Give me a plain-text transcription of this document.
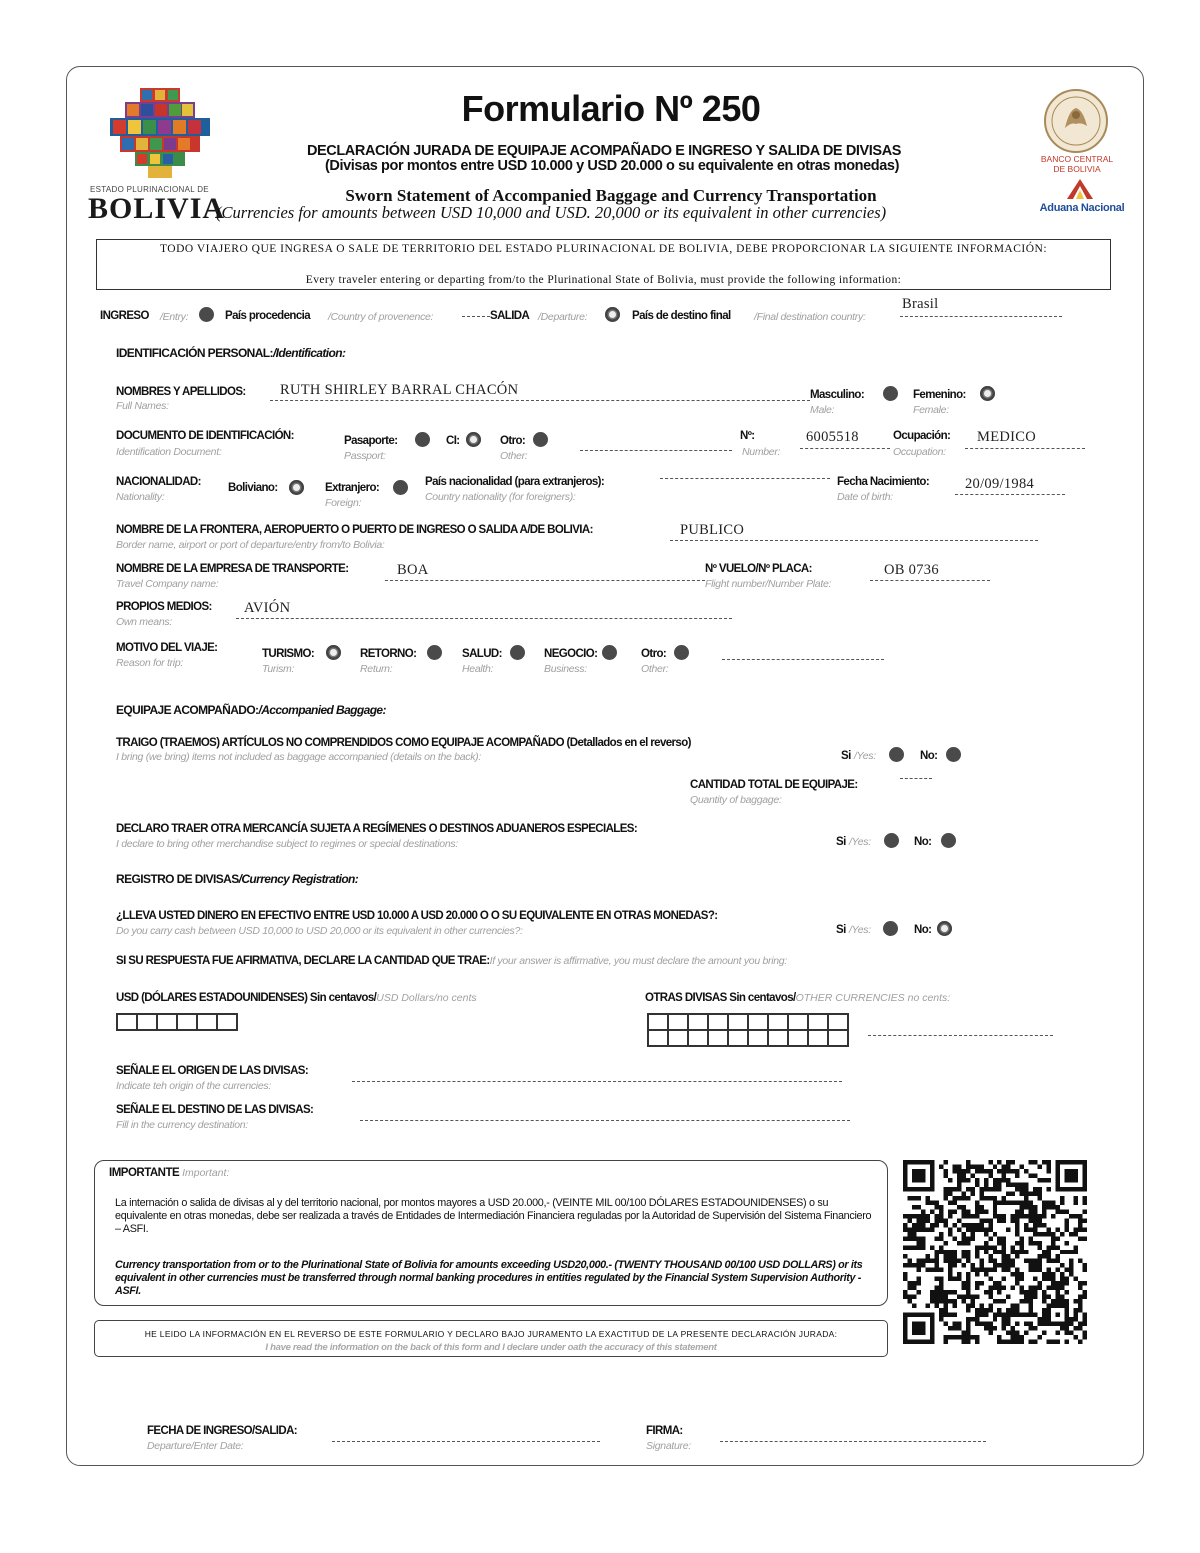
ESTADO PLURINACIONAL DE
BOLIVIA
Formulario Nº 250
DECLARACIÓN JURADA DE EQUIPAJE ACOMPAÑADO E INGRESO Y SALIDA DE DIVISAS
(Divisas por montos entre USD 10.000 y USD 20.000 o su equivalente en otras monedas)
Sworn Statement of Accompanied Baggage and Currency Transportation
(Currencies for amounts between USD 10,000 and USD. 20,000 or its equivalent in other currencies)
BANCO CENTRAL DE BOLIVIA
Aduana Nacional
TODO VIAJERO QUE INGRESA O SALE DE TERRITORIO DEL ESTADO PLURINACIONAL DE BOLIVIA, DEBE PROPORCIONAR LA SIGUIENTE INFORMACIÓN:
Every traveler entering or departing from/to the Plurinational State of Bolivia, must provide the following information:
INGRESO /Entry:	País procedencia /Country of provenence:	SALIDA /Departure:	País de destino final /Final destination country:
Brasil
IDENTIFICACIÓN PERSONAL:/Identification:
NOMBRES Y APELLIDOS:
Full Names:
RUTH SHIRLEY BARRAL CHACÓN	Masculino:
Male:
Femenino:
Female:
DOCUMENTO DE IDENTIFICACIÓN:
Identification Document:
Pasaporte:
Passport:
CI:	Otro:
Other:
Nº:
Number:
6005518	Ocupación:
Occupation:
MEDICO
NACIONALIDAD:
Nationality:
Boliviano:	Extranjero:
Foreign:
País nacionalidad (para extranjeros):
Country nationality (for foreigners):
Fecha Nacimiento:
Date of birth:
20/09/1984
NOMBRE DE LA FRONTERA, AEROPUERTO O PUERTO DE INGRESO O SALIDA A/DE BOLIVIA:
Border name, airport or port of departure/entry from/to Bolivia:
PUBLICO
NOMBRE DE LA EMPRESA DE TRANSPORTE:
Travel Company name:
BOA	Nº VUELO/Nº PLACA:
Flight number/Number Plate:
OB 0736
PROPIOS MEDIOS:
Own means:
AVIÓN
MOTIVO DEL VIAJE:
Reason for trip:
TURISMO:
Turism:
RETORNO:
Return:
SALUD:
Health:
NEGOCIO:
Business:
Otro:
Other:
EQUIPAJE ACOMPAÑADO:/Accompanied Baggage:
TRAIGO (TRAEMOS) ARTÍCULOS NO COMPRENDIDOS COMO EQUIPAJE ACOMPAÑADO (Detallados en el reverso)
I bring (we bring) items not included as baggage accompanied (details on the back):	Si /Yes:	No:
CANTIDAD TOTAL DE EQUIPAJE:
Quantity of baggage:
DECLARO TRAER OTRA MERCANCÍA SUJETA A REGÍMENES O DESTINOS ADUANEROS ESPECIALES:
I declare to bring other merchandise subject to regimes or special destinations:	Si /Yes:	No:
REGISTRO DE DIVISAS/Currency Registration:
¿LLEVA USTED DINERO EN EFECTIVO ENTRE USD 10.000 A USD 20.000 O O SU EQUIVALENTE EN OTRAS MONEDAS?:
Do you carry cash between USD 10,000 to USD 20,000 or its equivalent in other currencies?:	Si /Yes:	No:
SI SU RESPUESTA FUE AFIRMATIVA, DECLARE LA CANTIDAD QUE TRAE:If your answer is affirmative, you must declare the amount you bring:
USD (DÓLARES ESTADOUNIDENSES) Sin centavos/USD Dollars/no cents	OTRAS DIVISAS Sin centavos/OTHER CURRENCIES no cents:
SEÑALE EL ORIGEN DE LAS DIVISAS:
Indicate teh origin of the currencies:
SEÑALE EL DESTINO DE LAS DIVISAS:
Fill in the currency destination:
IMPORTANTE Important:
La internación o salida de divisas al y del territorio nacional, por montos mayores a USD 20.000,- (VEINTE MIL 00/100 DÓLARES ESTADOUNIDENSES) o su equivalente en otras monedas, debe ser realizada a través de Entidades de Intermediación Financiera reguladas por la Autoridad de Supervisión del Sistema Financiero – ASFI.
Currency transportation from or to the Plurinational State of Bolivia for amounts exceeding USD20,000.- (TWENTY THOUSAND 00/100 USD DOLLARS) or its equivalent in other currencies must be transferred through normal banking procedures in entities regulated by the Financial System Supervision Authority -ASFI.
HE LEIDO LA INFORMACIÓN EN EL REVERSO DE ESTE FORMULARIO Y DECLARO BAJO JURAMENTO LA EXACTITUD DE LA PRESENTE DECLARACIÓN JURADA:
I have read the information on the back of this form and I declare under oath the accuracy of this statement
FECHA DE INGRESO/SALIDA:
Departure/Enter Date:
FIRMA:
Signature:
